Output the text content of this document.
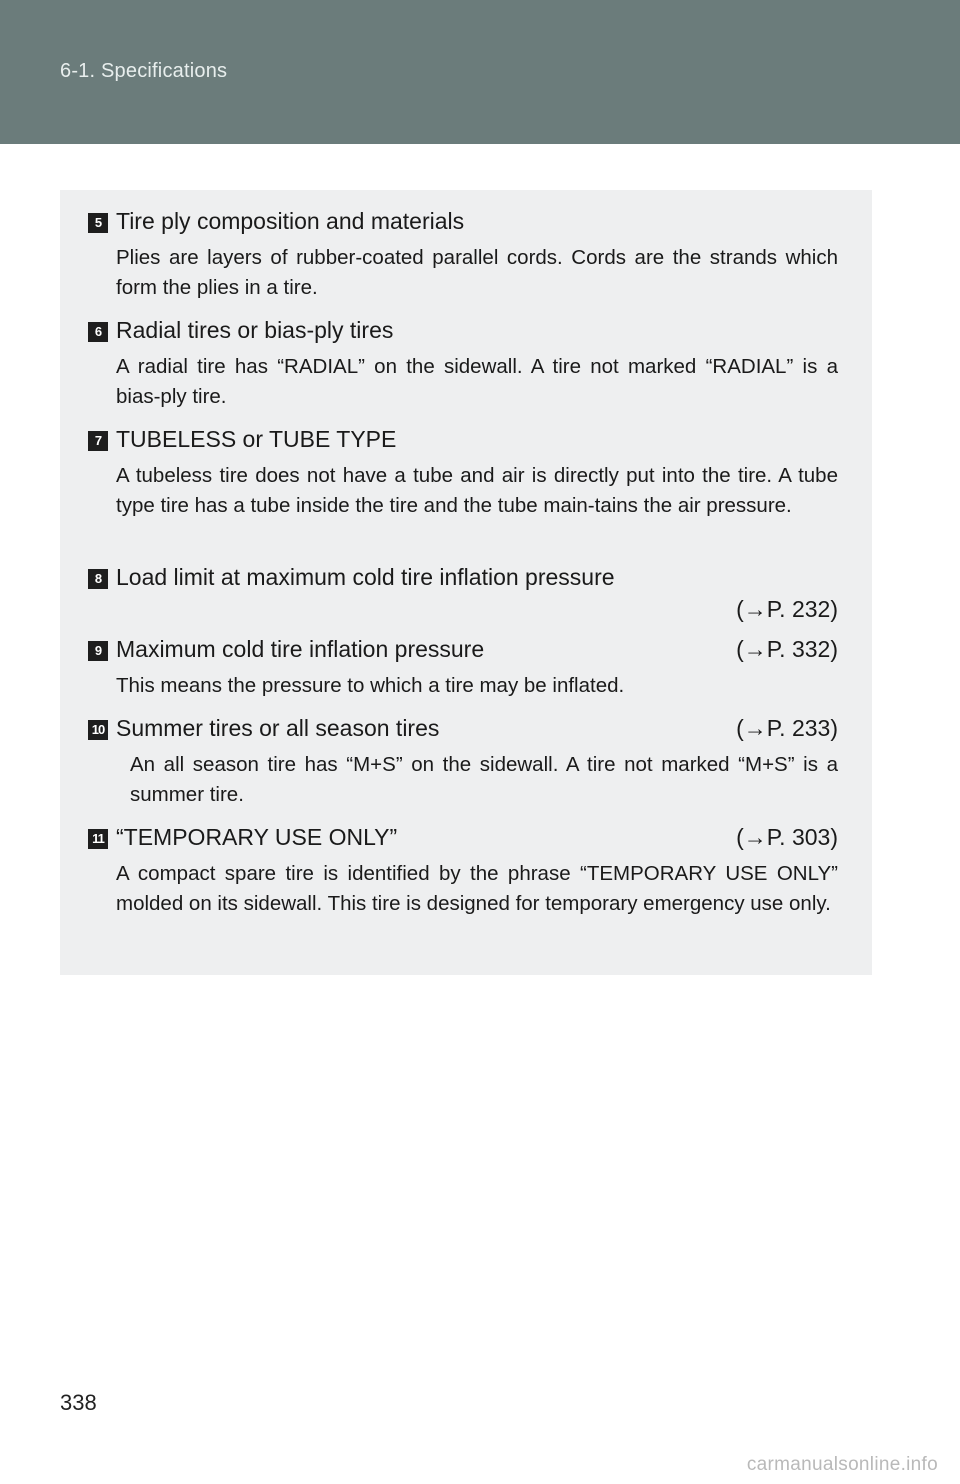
6-1. Specifications
5 Tire ply composition and materials
Plies are layers of rubber-coated parallel cords. Cords are the strands which form the plies in a tire.
6 Radial tires or bias-ply tires
A radial tire has “RADIAL” on the sidewall. A tire not marked “RADIAL” is a bias-ply tire.
7 TUBELESS or TUBE TYPE
A tubeless tire does not have a tube and air is directly put into the tire. A tube type tire has a tube inside the tire and the tube main-tains the air pressure.
8 Load limit at maximum cold tire inflation pressure
(→P. 232)
9 Maximum cold tire inflation pressure	(→P. 332)
This means the pressure to which a tire may be inflated.
10 Summer tires or all season tires	(→P. 233)
An all season tire has “M+S” on the sidewall. A tire not marked “M+S” is a summer tire.
11 “TEMPORARY USE ONLY”	(→P. 303)
A compact spare tire is identified by the phrase “TEMPORARY USE ONLY” molded on its sidewall. This tire is designed for temporary emergency use only.
338
carmanualsonline.info
